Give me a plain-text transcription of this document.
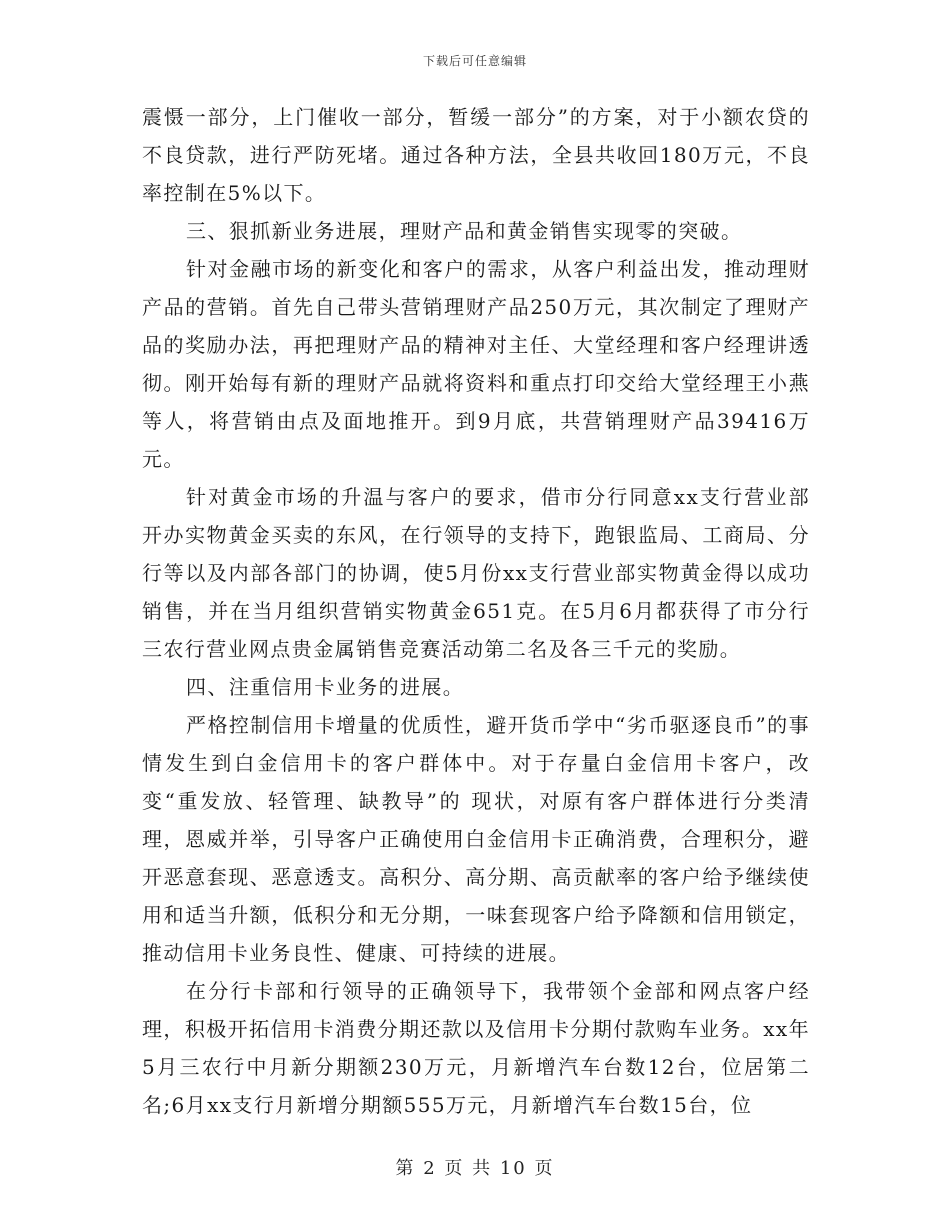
下载后可任意编辑

震慑一部分，上门催收一部分，暂缓一部分”的方案，对于小额农贷的不良贷款，进行严防死堵。通过各种方法，全县共收回180万元，不良率控制在5%以下。

三、狠抓新业务进展，理财产品和黄金销售实现零的突破。

针对金融市场的新变化和客户的需求，从客户利益出发，推动理财产品的营销。首先自己带头营销理财产品250万元，其次制定了理财产品的奖励办法，再把理财产品的精神对主任、大堂经理和客户经理讲透彻。刚开始每有新的理财产品就将资料和重点打印交给大堂经理王小燕等人，将营销由点及面地推开。到9月底，共营销理财产品39416万元。

针对黄金市场的升温与客户的要求，借市分行同意xx支行营业部开办实物黄金买卖的东风，在行领导的支持下，跑银监局、工商局、分行等以及内部各部门的协调，使5月份xx支行营业部实物黄金得以成功销售，并在当月组织营销实物黄金651克。在5月6月都获得了市分行三农行营业网点贵金属销售竞赛活动第二名及各三千元的奖励。

四、注重信用卡业务的进展。

严格控制信用卡增量的优质性，避开货币学中“劣币驱逐良币”的事情发生到白金信用卡的客户群体中。对于存量白金信用卡客户，改变“重发放、轻管理、缺教导”的 现状，对原有客户群体进行分类清理，恩威并举，引导客户正确使用白金信用卡正确消费，合理积分，避开恶意套现、恶意透支。高积分、高分期、高贡献率的客户给予继续使用和适当升额，低积分和无分期，一味套现客户给予降额和信用锁定，推动信用卡业务良性、健康、可持续的进展。

在分行卡部和行领导的正确领导下，我带领个金部和网点客户经理，积极开拓信用卡消费分期还款以及信用卡分期付款购车业务。xx年5月三农行中月新分期额230万元，月新增汽车台数12台，位居第二名;6月xx支行月新增分期额555万元，月新增汽车台数15台，位

第 2 页 共 10 页
